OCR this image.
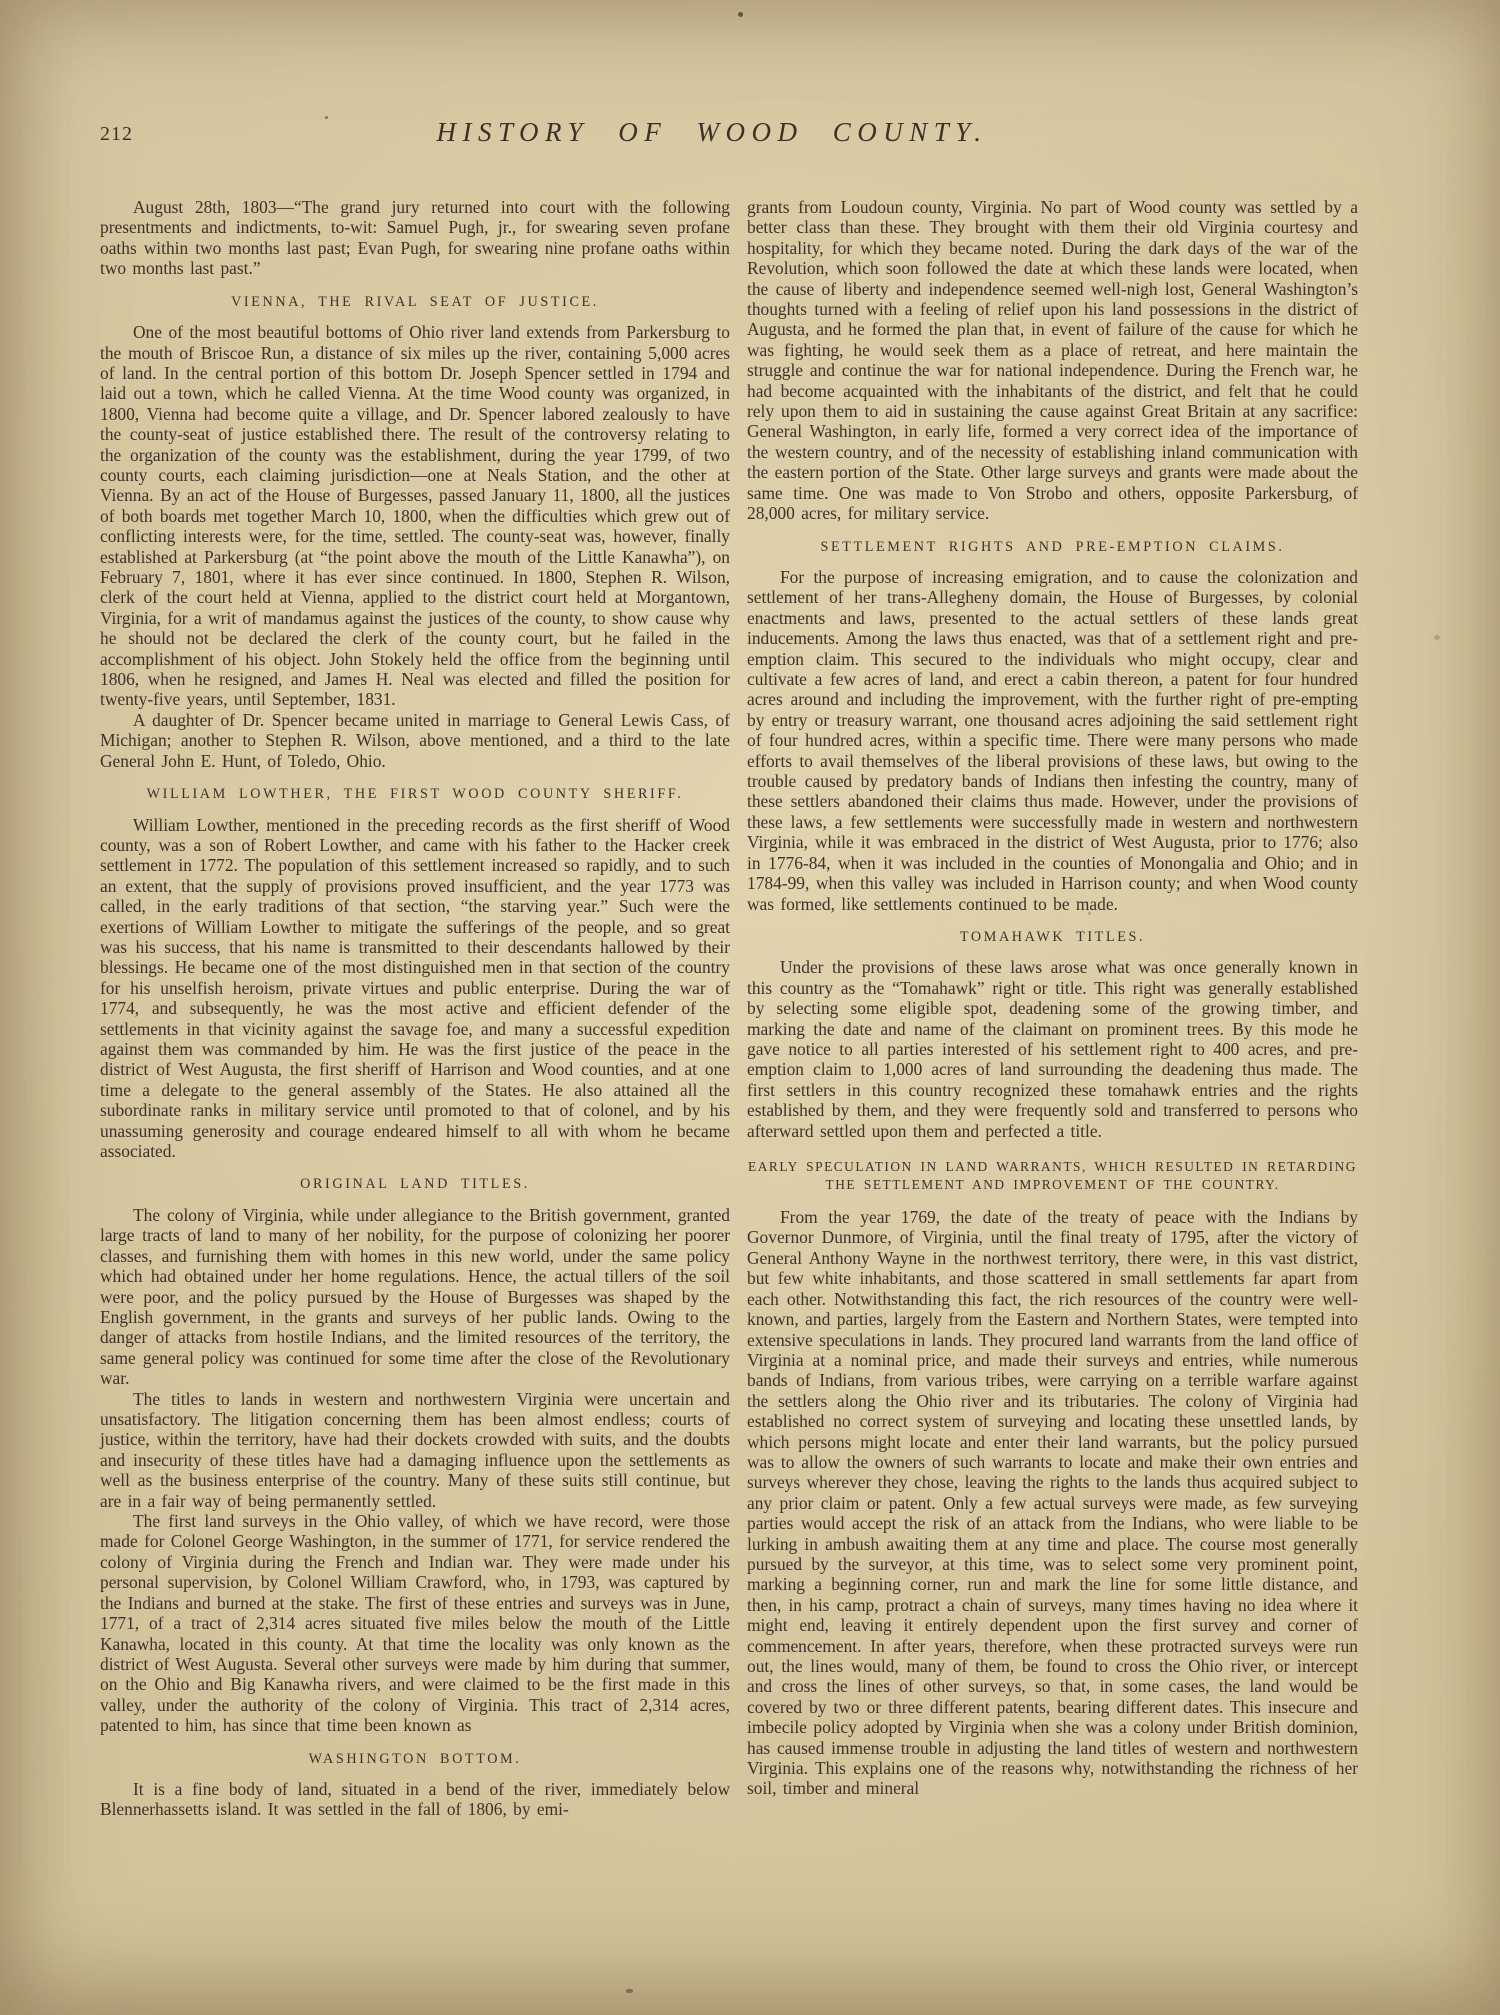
212	HISTORY OF WOOD COUNTY.

August 28th, 1803—“The grand jury returned into court with the following presentments and indictments, to-wit: Samuel Pugh, jr., for swearing seven profane oaths within two months last past; Evan Pugh, for swearing nine profane oaths within two months last past.”

VIENNA, THE RIVAL SEAT OF JUSTICE.

One of the most beautiful bottoms of Ohio river land extends from Parkersburg to the mouth of Briscoe Run, a distance of six miles up the river, containing 5,000 acres of land. In the central portion of this bottom Dr. Joseph Spencer settled in 1794 and laid out a town, which he called Vienna. At the time Wood county was organized, in 1800, Vienna had become quite a village, and Dr. Spencer labored zealously to have the county-seat of justice established there. The result of the controversy relating to the organization of the county was the establishment, during the year 1799, of two county courts, each claiming jurisdiction—one at Neals Station, and the other at Vienna. By an act of the House of Burgesses, passed January 11, 1800, all the justices of both boards met together March 10, 1800, when the difficulties which grew out of conflicting interests were, for the time, settled. The county-seat was, however, finally established at Parkersburg (at “the point above the mouth of the Little Kanawha”), on February 7, 1801, where it has ever since continued. In 1800, Stephen R. Wilson, clerk of the court held at Vienna, applied to the district court held at Morgantown, Virginia, for a writ of mandamus against the justices of the county, to show cause why he should not be declared the clerk of the county court, but he failed in the accomplishment of his object. John Stokely held the office from the beginning until 1806, when he resigned, and James H. Neal was elected and filled the position for twenty-five years, until September, 1831.

A daughter of Dr. Spencer became united in marriage to General Lewis Cass, of Michigan; another to Stephen R. Wilson, above mentioned, and a third to the late General John E. Hunt, of Toledo, Ohio.

WILLIAM LOWTHER, THE FIRST WOOD COUNTY SHERIFF.

William Lowther, mentioned in the preceding records as the first sheriff of Wood county, was a son of Robert Lowther, and came with his father to the Hacker creek settlement in 1772. The population of this settlement increased so rapidly, and to such an extent, that the supply of provisions proved insufficient, and the year 1773 was called, in the early traditions of that section, “the starving year.” Such were the exertions of William Lowther to mitigate the sufferings of the people, and so great was his success, that his name is transmitted to their descendants hallowed by their blessings. He became one of the most distinguished men in that section of the country for his unselfish heroism, private virtues and public enterprise. During the war of 1774, and subsequently, he was the most active and efficient defender of the settlements in that vicinity against the savage foe, and many a successful expedition against them was commanded by him. He was the first justice of the peace in the district of West Augusta, the first sheriff of Harrison and Wood counties, and at one time a delegate to the general assembly of the States. He also attained all the subordinate ranks in military service until promoted to that of colonel, and by his unassuming generosity and courage endeared himself to all with whom he became associated.

ORIGINAL LAND TITLES.

The colony of Virginia, while under allegiance to the British government, granted large tracts of land to many of her nobility, for the purpose of colonizing her poorer classes, and furnishing them with homes in this new world, under the same policy which had obtained under her home regulations. Hence, the actual tillers of the soil were poor, and the policy pursued by the House of Burgesses was shaped by the English government, in the grants and surveys of her public lands. Owing to the danger of attacks from hostile Indians, and the limited resources of the territory, the same general policy was continued for some time after the close of the Revolutionary war.

The titles to lands in western and northwestern Virginia were uncertain and unsatisfactory. The litigation concerning them has been almost endless; courts of justice, within the territory, have had their dockets crowded with suits, and the doubts and insecurity of these titles have had a damaging influence upon the settlements as well as the business enterprise of the country. Many of these suits still continue, but are in a fair way of being permanently settled.

The first land surveys in the Ohio valley, of which we have record, were those made for Colonel George Washington, in the summer of 1771, for service rendered the colony of Virginia during the French and Indian war. They were made under his personal supervision, by Colonel William Crawford, who, in 1793, was captured by the Indians and burned at the stake. The first of these entries and surveys was in June, 1771, of a tract of 2,314 acres situated five miles below the mouth of the Little Kanawha, located in this county. At that time the locality was only known as the district of West Augusta. Several other surveys were made by him during that summer, on the Ohio and Big Kanawha rivers, and were claimed to be the first made in this valley, under the authority of the colony of Virginia. This tract of 2,314 acres, patented to him, has since that time been known as

WASHINGTON BOTTOM.

It is a fine body of land, situated in a bend of the river, immediately below Blennerhassetts island. It was settled in the fall of 1806, by emi-

grants from Loudoun county, Virginia. No part of Wood county was settled by a better class than these. They brought with them their old Virginia courtesy and hospitality, for which they became noted. During the dark days of the war of the Revolution, which soon followed the date at which these lands were located, when the cause of liberty and independence seemed well-nigh lost, General Washington’s thoughts turned with a feeling of relief upon his land possessions in the district of Augusta, and he formed the plan that, in event of failure of the cause for which he was fighting, he would seek them as a place of retreat, and here maintain the struggle and continue the war for national independence. During the French war, he had become acquainted with the inhabitants of the district, and felt that he could rely upon them to aid in sustaining the cause against Great Britain at any sacrifice: General Washington, in early life, formed a very correct idea of the importance of the western country, and of the necessity of establishing inland communication with the eastern portion of the State. Other large surveys and grants were made about the same time. One was made to Von Strobo and others, opposite Parkersburg, of 28,000 acres, for military service.

SETTLEMENT RIGHTS AND PRE-EMPTION CLAIMS.

For the purpose of increasing emigration, and to cause the colonization and settlement of her trans-Allegheny domain, the House of Burgesses, by colonial enactments and laws, presented to the actual settlers of these lands great inducements. Among the laws thus enacted, was that of a settlement right and pre-emption claim. This secured to the individuals who might occupy, clear and cultivate a few acres of land, and erect a cabin thereon, a patent for four hundred acres around and including the improvement, with the further right of pre-empting by entry or treasury warrant, one thousand acres adjoining the said settlement right of four hundred acres, within a specific time. There were many persons who made efforts to avail themselves of the liberal provisions of these laws, but owing to the trouble caused by predatory bands of Indians then infesting the country, many of these settlers abandoned their claims thus made. However, under the provisions of these laws, a few settlements were successfully made in western and northwestern Virginia, while it was embraced in the district of West Augusta, prior to 1776; also in 1776-84, when it was included in the counties of Monongalia and Ohio; and in 1784-99, when this valley was included in Harrison county; and when Wood county was formed, like settlements continued to be made.

TOMAHAWK TITLES.

Under the provisions of these laws arose what was once generally known in this country as the “Tomahawk” right or title. This right was generally established by selecting some eligible spot, deadening some of the growing timber, and marking the date and name of the claimant on prominent trees. By this mode he gave notice to all parties interested of his settlement right to 400 acres, and pre-emption claim to 1,000 acres of land surrounding the deadening thus made. The first settlers in this country recognized these tomahawk entries and the rights established by them, and they were frequently sold and transferred to persons who afterward settled upon them and perfected a title.

EARLY SPECULATION IN LAND WARRANTS, WHICH RESULTED IN RETARDING THE SETTLEMENT AND IMPROVEMENT OF THE COUNTRY.

From the year 1769, the date of the treaty of peace with the Indians by Governor Dunmore, of Virginia, until the final treaty of 1795, after the victory of General Anthony Wayne in the northwest territory, there were, in this vast district, but few white inhabitants, and those scattered in small settlements far apart from each other. Notwithstanding this fact, the rich resources of the country were well-known, and parties, largely from the Eastern and Northern States, were tempted into extensive speculations in lands. They procured land warrants from the land office of Virginia at a nominal price, and made their surveys and entries, while numerous bands of Indians, from various tribes, were carrying on a terrible warfare against the settlers along the Ohio river and its tributaries. The colony of Virginia had established no correct system of surveying and locating these unsettled lands, by which persons might locate and enter their land warrants, but the policy pursued was to allow the owners of such warrants to locate and make their own entries and surveys wherever they chose, leaving the rights to the lands thus acquired subject to any prior claim or patent. Only a few actual surveys were made, as few surveying parties would accept the risk of an attack from the Indians, who were liable to be lurking in ambush awaiting them at any time and place. The course most generally pursued by the surveyor, at this time, was to select some very prominent point, marking a beginning corner, run and mark the line for some little distance, and then, in his camp, protract a chain of surveys, many times having no idea where it might end, leaving it entirely dependent upon the first survey and corner of commencement. In after years, therefore, when these protracted surveys were run out, the lines would, many of them, be found to cross the Ohio river, or intercept and cross the lines of other surveys, so that, in some cases, the land would be covered by two or three different patents, bearing different dates. This insecure and imbecile policy adopted by Virginia when she was a colony under British dominion, has caused immense trouble in adjusting the land titles of western and northwestern Virginia. This explains one of the reasons why, notwithstanding the richness of her soil, timber and mineral
